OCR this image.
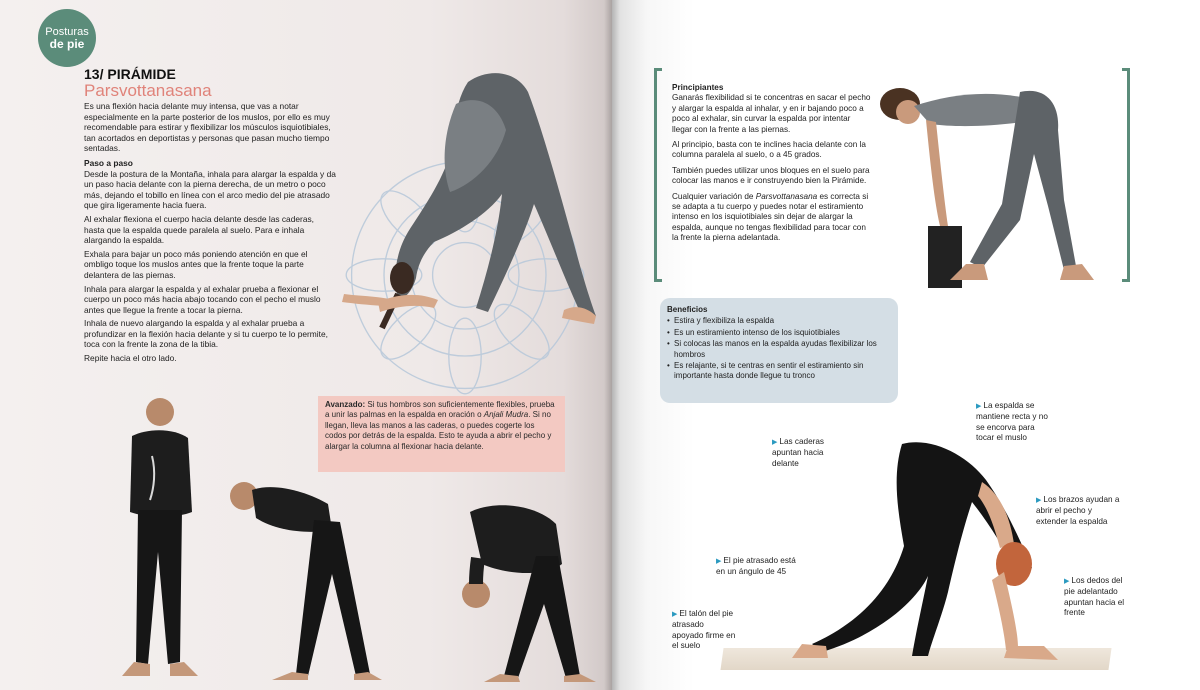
Posturas
de pie
13/ PIRÁMIDE
Parsvottanasana

Es una flexión hacia delante muy intensa, que vas a notar especialmente en la parte posterior de los muslos, por ello es muy recomendable para estirar y flexibilizar los músculos isquiotibiales, tan acortados en deportistas y personas que pasan mucho tiempo sentadas.

Paso a paso

Desde la postura de la Montaña, inhala para alargar la espalda y da un paso hacia delante con la pierna derecha, de un metro o poco más, dejando el tobillo en línea con el arco medio del pie atrasado que gira ligeramente hacia fuera.

Al exhalar flexiona el cuerpo hacia delante desde las caderas, hasta que la espalda quede paralela al suelo. Para e inhala alargando la espalda.

Exhala para bajar un poco más poniendo atención en que el ombligo toque los muslos antes que la frente toque la parte delantera de las piernas.

Inhala para alargar la espalda y al exhalar prueba a flexionar el cuerpo un poco más hacia abajo tocando con el pecho el muslo antes que llegue la frente a tocar la pierna.

Inhala de nuevo alargando la espalda y al exhalar prueba a profundizar en la flexión hacia delante y si tu cuerpo te lo permite, toca con la frente la zona de la tibia.

Repite hacia el otro lado.

Avanzado: Si tus hombros son suficientemente flexibles, prueba a unir las palmas en la espalda en oración o Anjali Mudra. Si no llegan, lleva las manos a las caderas, o puedes cogerte los codos por detrás de la espalda. Esto te ayuda a abrir el pecho y alargar la columna al flexionar hacia delante.

Principiantes

Ganarás flexibilidad si te concentras en sacar el pecho y alargar la espalda al inhalar, y en ir bajando poco a poco al exhalar, sin curvar la espalda por intentar llegar con la frente a las piernas.

Al principio, basta con te inclines hacia delante con la columna paralela al suelo, o a 45 grados.

También puedes utilizar unos bloques en el suelo para colocar las manos e ir construyendo bien la Pirámide.

Cualquier variación de Parsvottanasana es correcta si se adapta a tu cuerpo y puedes notar el estiramiento intenso en los isquiotibiales sin dejar de alargar la espalda, aunque no tengas flexibilidad para tocar con la frente la pierna adelantada.

Beneficios

• Estira y flexibiliza la espalda
• Es un estiramiento intenso de los isquiotibiales
• Si colocas las manos en la espalda ayudas flexibilizar los hombros
• Es relajante, si te centras en sentir el estiramiento sin importante hasta donde llegue tu tronco
▶ La espalda se mantiene recta y no se encorva para tocar el muslo
▶ Las caderas apuntan hacia delante
▶ Los brazos ayudan a abrir el pecho y extender la espalda
▶ El pie atrasado está en un ángulo de 45
▶ Los dedos del pie adelantado apuntan hacia el frente
▶ El talón del pie atrasado apoyado firme en el suelo
